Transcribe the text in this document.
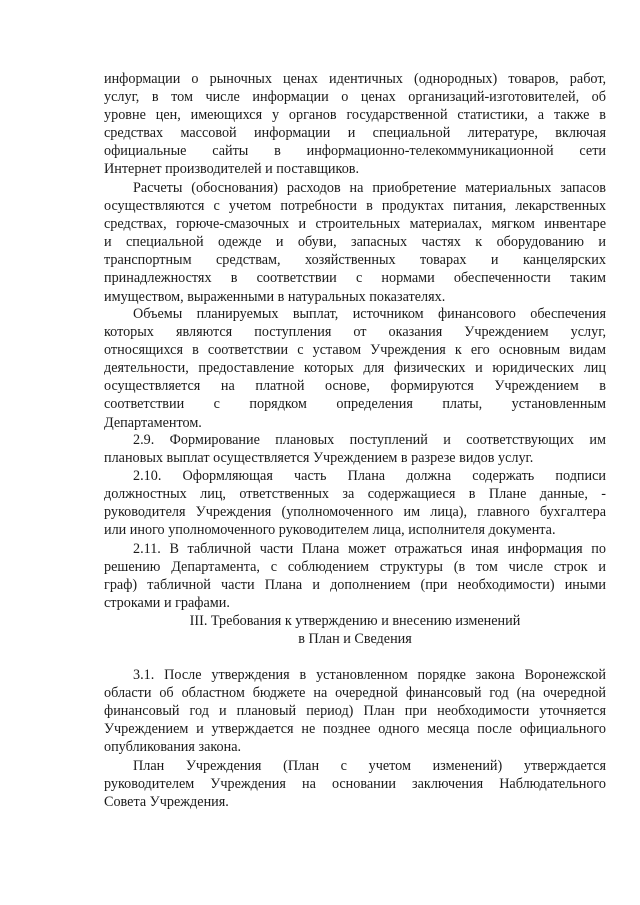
информации о рыночных ценах идентичных (однородных) товаров, работ,
услуг, в том числе информации о ценах организаций-изготовителей, об
уровне цен, имеющихся у органов государственной статистики, а также в
средствах массовой информации и специальной литературе, включая
официальные сайты в информационно-телекоммуникационной сети
Интернет производителей и поставщиков.
Расчеты (обоснования) расходов на приобретение материальных запасов
осуществляются с учетом потребности в продуктах питания, лекарственных
средствах, горюче-смазочных и строительных материалах, мягком инвентаре
и специальной одежде и обуви, запасных частях к оборудованию и
транспортным средствам, хозяйственных товарах и канцелярских
принадлежностях в соответствии с нормами обеспеченности таким
имуществом, выраженными в натуральных показателях.
Объемы планируемых выплат, источником финансового обеспечения
которых являются поступления от оказания Учреждением услуг,
относящихся в соответствии с уставом Учреждения к его основным видам
деятельности, предоставление которых для физических и юридических лиц
осуществляется на платной основе, формируются Учреждением в
соответствии с порядком определения платы, установленным
Департаментом.
2.9. Формирование плановых поступлений и соответствующих им
плановых выплат осуществляется Учреждением в разрезе видов услуг.
2.10. Оформляющая часть Плана должна содержать подписи
должностных лиц, ответственных за содержащиеся в Плане данные, -
руководителя Учреждения (уполномоченного им лица), главного бухгалтера
или иного уполномоченного руководителем лица, исполнителя документа.
2.11. В табличной части Плана может отражаться иная информация по
решению Департамента, с соблюдением структуры (в том числе строк и
граф) табличной части Плана и дополнением (при необходимости) иными
строками и графами.
III. Требования к утверждению и внесению изменений
в План и Сведения
3.1. После утверждения в установленном порядке закона Воронежской
области об областном бюджете на очередной финансовый год (на очередной
финансовый год и плановый период) План при необходимости уточняется
Учреждением и утверждается не позднее одного месяца после официального
опубликования закона.
План Учреждения (План с учетом изменений) утверждается
руководителем Учреждения на основании заключения Наблюдательного
Совета Учреждения.
